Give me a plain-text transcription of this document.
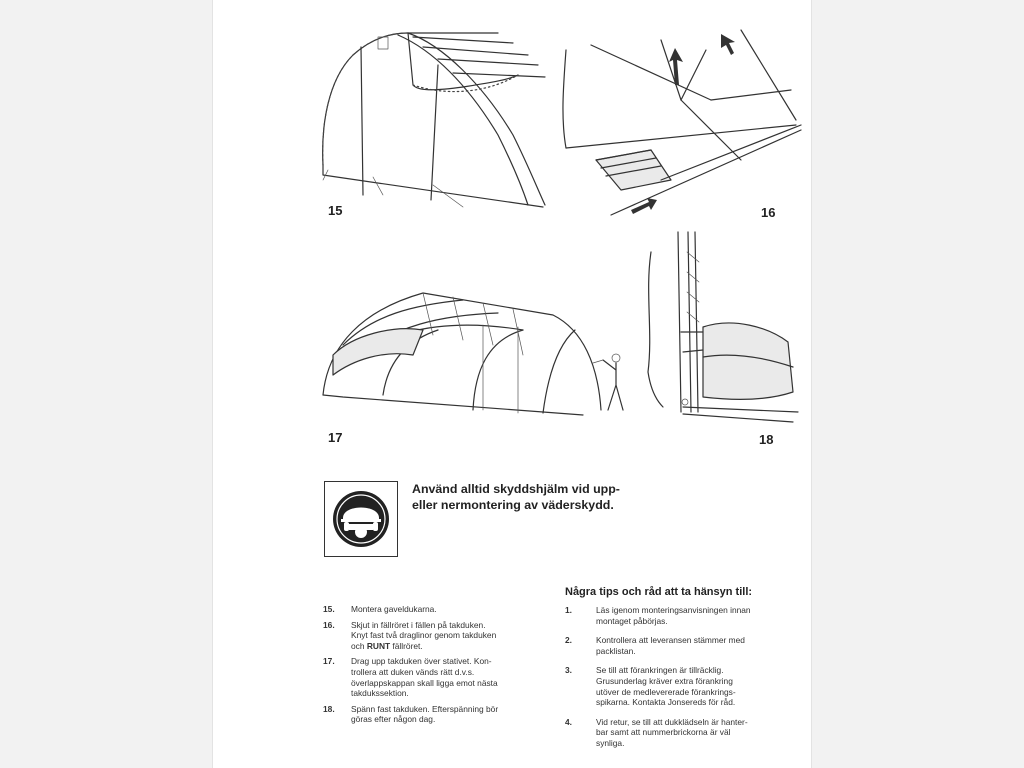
15	16
17	18
Använd alltid skyddshjälm vid upp-
eller nermontering av väderskydd.
15.	Montera gaveldukarna.
16.	Skjut in fällröret i fällen på takduken.
Knyt fast två draglinor genom takduken
och RUNT fällröret.
17.	Drag upp takduken över stativet. Kon-
trollera att duken vänds rätt d.v.s.
överlappskappan skall ligga emot nästa
takdukssektion.
18.	Spänn fast takduken. Efterspänning bör
göras efter någon dag.
Några tips och råd att ta hänsyn till:
1.	Läs igenom monteringsanvisningen innan
montaget påbörjas.
2.	Kontrollera att leveransen stämmer med
packlistan.
3.	Se till att förankringen är tillräcklig.
Grusunderlag kräver extra förankring
utöver de medlevererade förankrings-
spikarna. Kontakta Jonsereds för råd.
4.	Vid retur, se till att dukklädseln är hanter-
bar samt att nummerbrickorna är väl
synliga.
